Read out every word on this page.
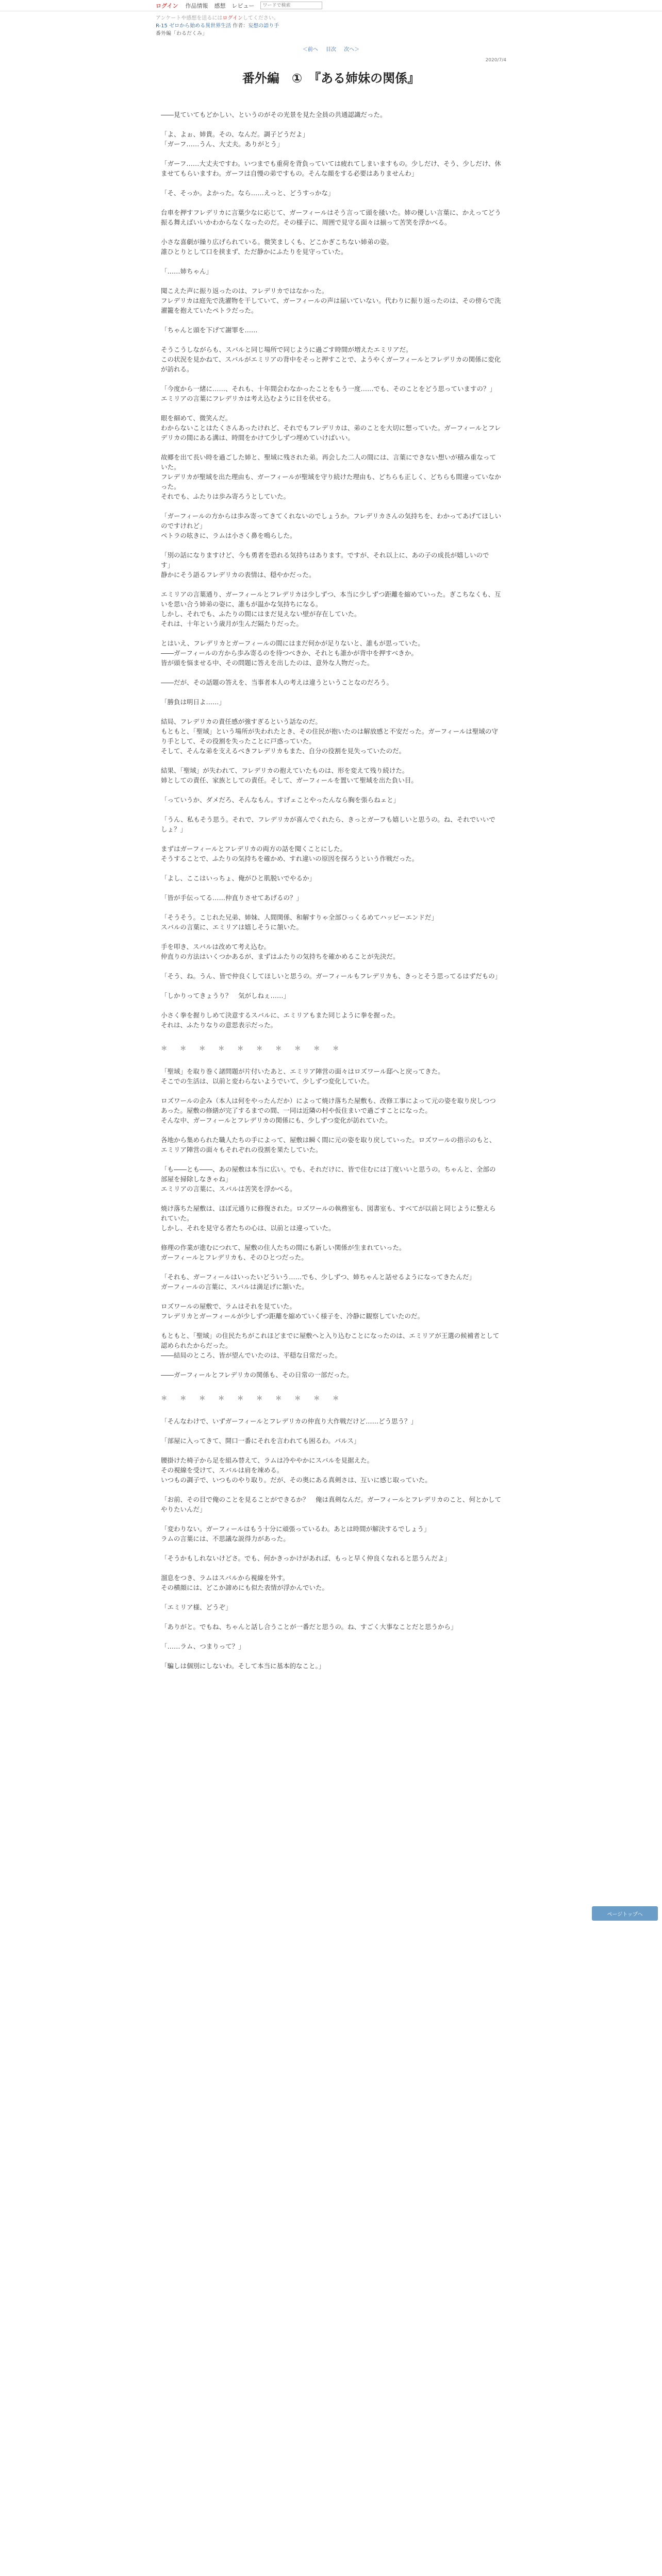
ログイン 作品情報 感想 レビュー
ワードで検索
アンケートや感想を送るにはログインしてください。
R-15 ゼロから始める異世界生活 作者：妄想の語り手
番外編「わるだくみ」
＜前へ 目次 次へ＞
2020/7/4
番外編　①　『ある姉妹の関係』

――見ていてもどかしい、というのがその光景を見た全員の共通認識だった。

「よ、よぉ、姉貴。その、なんだ。調子どうだよ」
「ガーフ……うん、大丈夫。ありがとう」

「ガーフ……大丈夫ですわ。いつまでも重荷を背負っていては疲れてしまいますもの。少しだけ、そう、少しだけ、休ませてもらいますわ。ガーフは自慢の弟ですもの。そんな顔をする必要はありませんわ」

「そ、そっか。よかった。なら……えっと、どうすっかな」

台車を押すフレデリカに言葉少なに応じて、ガーフィールはそう言って頭を掻いた。姉の優しい言葉に、かえってどう振る舞えばいいかわからなくなったのだ。その様子に、周囲で見守る面々は揃って苦笑を浮かべる。

小さな喜劇が繰り広げられている。微笑ましくも、どこかぎこちない姉弟の姿。
誰ひとりとして口を挟まず、ただ静かにふたりを見守っていた。

「……姉ちゃん」

聞こえた声に振り返ったのは、フレデリカではなかった。
フレデリカは庭先で洗濯物を干していて、ガーフィールの声は届いていない。代わりに振り返ったのは、その傍らで洗濯籠を抱えていたペトラだった。

「ちゃんと頭を下げて謝罪を……

そうこうしながらも、スバルと同じ場所で同じように過ごす時間が増えたエミリアだ。
この状況を見かねて、スバルがエミリアの背中をそっと押すことで、ようやくガーフィールとフレデリカの関係に変化が訪れる。

「今度から一緒に……、それも、十年間会わなかったことをもう一度……でも、そのことをどう思っていますの？」
エミリアの言葉にフレデリカは考え込むように目を伏せる。

眼を細めて、微笑んだ。
わからないことはたくさんあったけれど、それでもフレデリカは、弟のことを大切に想っていた。ガーフィールとフレデリカの間にある溝は、時間をかけて少しずつ埋めていけばいい。

故郷を出て長い時を過ごした姉と、聖域に残された弟。再会した二人の間には、言葉にできない想いが積み重なっていた。
フレデリカが聖域を出た理由も、ガーフィールが聖域を守り続けた理由も、どちらも正しく、どちらも間違っていなかった。
それでも、ふたりは歩み寄ろうとしていた。

「ガーフィールの方からは歩み寄ってきてくれないのでしょうか。フレデリカさんの気持ちを、わかってあげてほしいのですけれど」
ペトラの呟きに、ラムは小さく鼻を鳴らした。

「別の話になりますけど、今も勇者を恐れる気持ちはあります。ですが、それ以上に、あの子の成長が嬉しいのです」
静かにそう語るフレデリカの表情は、穏やかだった。

エミリアの言葉通り、ガーフィールとフレデリカは少しずつ、本当に少しずつ距離を縮めていった。ぎこちなくも、互いを思い合う姉弟の姿に、誰もが温かな気持ちになる。
しかし、それでも、ふたりの間にはまだ見えない壁が存在していた。
それは、十年という歳月が生んだ隔たりだった。

とはいえ、フレデリカとガーフィールの間にはまだ何かが足りないと、誰もが思っていた。
――ガーフィールの方から歩み寄るのを待つべきか、それとも誰かが背中を押すべきか。
皆が頭を悩ませる中、その問題に答えを出したのは、意外な人物だった。

――だが、その話題の答えを、当事者本人の考えは違うということなのだろう。

「勝負は明日よ……」

結局、フレデリカの責任感が強すぎるという話なのだ。
もともと、「聖域」という場所が失われたとき、その住民が抱いたのは解放感と不安だった。ガーフィールは聖域の守り手として、その役割を失ったことに戸惑っていた。
そして、そんな弟を支えるべきフレデリカもまた、自分の役割を見失っていたのだ。

結果、「聖域」が失われて、フレデリカの抱えていたものは、形を変えて残り続けた。
姉としての責任、家族としての責任。そして、ガーフィールを置いて聖域を出た負い目。

「っていうか、ダメだろ、そんなもん。すげェことやったんなら胸を張らねェと」

「うん、私もそう思う。それで、フレデリカが喜んでくれたら、きっとガーフも嬉しいと思うの。ね、それでいいでしょ？」

まずはガーフィールとフレデリカの両方の話を聞くことにした。
そうすることで、ふたりの気持ちを確かめ、すれ違いの原因を探ろうという作戦だった。

「よし、ここはいっちょ、俺がひと肌脱いでやるか」

「皆が手伝ってる……仲直りさせてあげるの？」

「そうそう。こじれた兄弟、姉妹、人間関係、和解すりゃ全部ひっくるめてハッピーエンドだ」
スバルの言葉に、エミリアは嬉しそうに頷いた。

手を叩き、スバルは改めて考え込む。
仲直りの方法はいくつかあるが、まずはふたりの気持ちを確かめることが先決だ。

「そう、ね。うん、皆で仲良くしてほしいと思うの。ガーフィールもフレデリカも、きっとそう思ってるはずだもの」

「しかりってきょうり？　気がしねぇ……」

小さく拳を握りしめて決意するスバルに、エミリアもまた同じように拳を握った。
それは、ふたりなりの意思表示だった。

＊　＊　＊　＊　＊　＊　＊　＊　＊　＊

「聖域」を取り巻く諸問題が片付いたあと、エミリア陣営の面々はロズワール邸へと戻ってきた。
そこでの生活は、以前と変わらないようでいて、少しずつ変化していた。

ロズワールの企み（本人は何をやったんだか）によって焼け落ちた屋敷も、改修工事によって元の姿を取り戻しつつあった。屋敷の修繕が完了するまでの間、一同は近隣の村や仮住まいで過ごすことになった。
そんな中、ガーフィールとフレデリカの関係にも、少しずつ変化が訪れていた。

各地から集められた職人たちの手によって、屋敷は瞬く間に元の姿を取り戻していった。ロズワールの指示のもと、エミリア陣営の面々もそれぞれの役割を果たしていた。

「も――とも――、あの屋敷は本当に広い。でも、それだけに、皆で住むには丁度いいと思うの。ちゃんと、全部の部屋を掃除しなきゃね」
エミリアの言葉に、スバルは苦笑を浮かべる。

焼け落ちた屋敷は、ほぼ元通りに修復された。ロズワールの執務室も、図書室も、すべてが以前と同じように整えられていた。
しかし、それを見守る者たちの心は、以前とは違っていた。

修理の作業が進むにつれて、屋敷の住人たちの間にも新しい関係が生まれていった。
ガーフィールとフレデリカも、そのひとつだった。

「それも、ガーフィールはいったいどういう……でも、少しずつ、姉ちゃんと話せるようになってきたんだ」
ガーフィールの言葉に、スバルは満足げに頷いた。

ロズワールの屋敷で、ラムはそれを見ていた。
フレデリカとガーフィールが少しずつ距離を縮めていく様子を、冷静に観察していたのだ。

もともと、「聖域」の住民たちがこれほどまでに屋敷へと入り込むことになったのは、エミリアが王選の候補者として認められたからだった。
――結局のところ、皆が望んでいたのは、平穏な日常だった。

――ガーフィールとフレデリカの関係も、その日常の一部だった。

＊　＊　＊　＊　＊　＊　＊　＊　＊　＊

「そんなわけで、いずガーフィールとフレデリカの仲直り大作戦だけど……どう思う？」

「部屋に入ってきて、開口一番にそれを言われても困るわ。バルス」

腰掛けた椅子から足を組み替えて、ラムは冷ややかにスバルを見据えた。
その視線を受けて、スバルは肩を竦める。
いつもの調子で、いつものやり取り。だが、その奥にある真剣さは、互いに感じ取っていた。

「お前、その目で俺のことを見ることができるか？　俺は真剣なんだ。ガーフィールとフレデリカのこと、何とかしてやりたいんだ」

「変わりない。ガーフィールはもう十分に頑張っているわ。あとは時間が解決するでしょう」
ラムの言葉には、不思議な説得力があった。

「そうかもしれないけどさ。でも、何かきっかけがあれば、もっと早く仲良くなれると思うんだよ」

溜息をつき、ラムはスバルから視線を外す。
その横顔には、どこか諦めにも似た表情が浮かんでいた。

「エミリア様、どうぞ」

「ありがと。でもね、ちゃんと話し合うことが一番だと思うの。ね、すごく大事なことだと思うから」

「……ラム、つまりって？」

「騙しは個別にしないわ。そして本当に基本的なこと。」

ページトップへ
